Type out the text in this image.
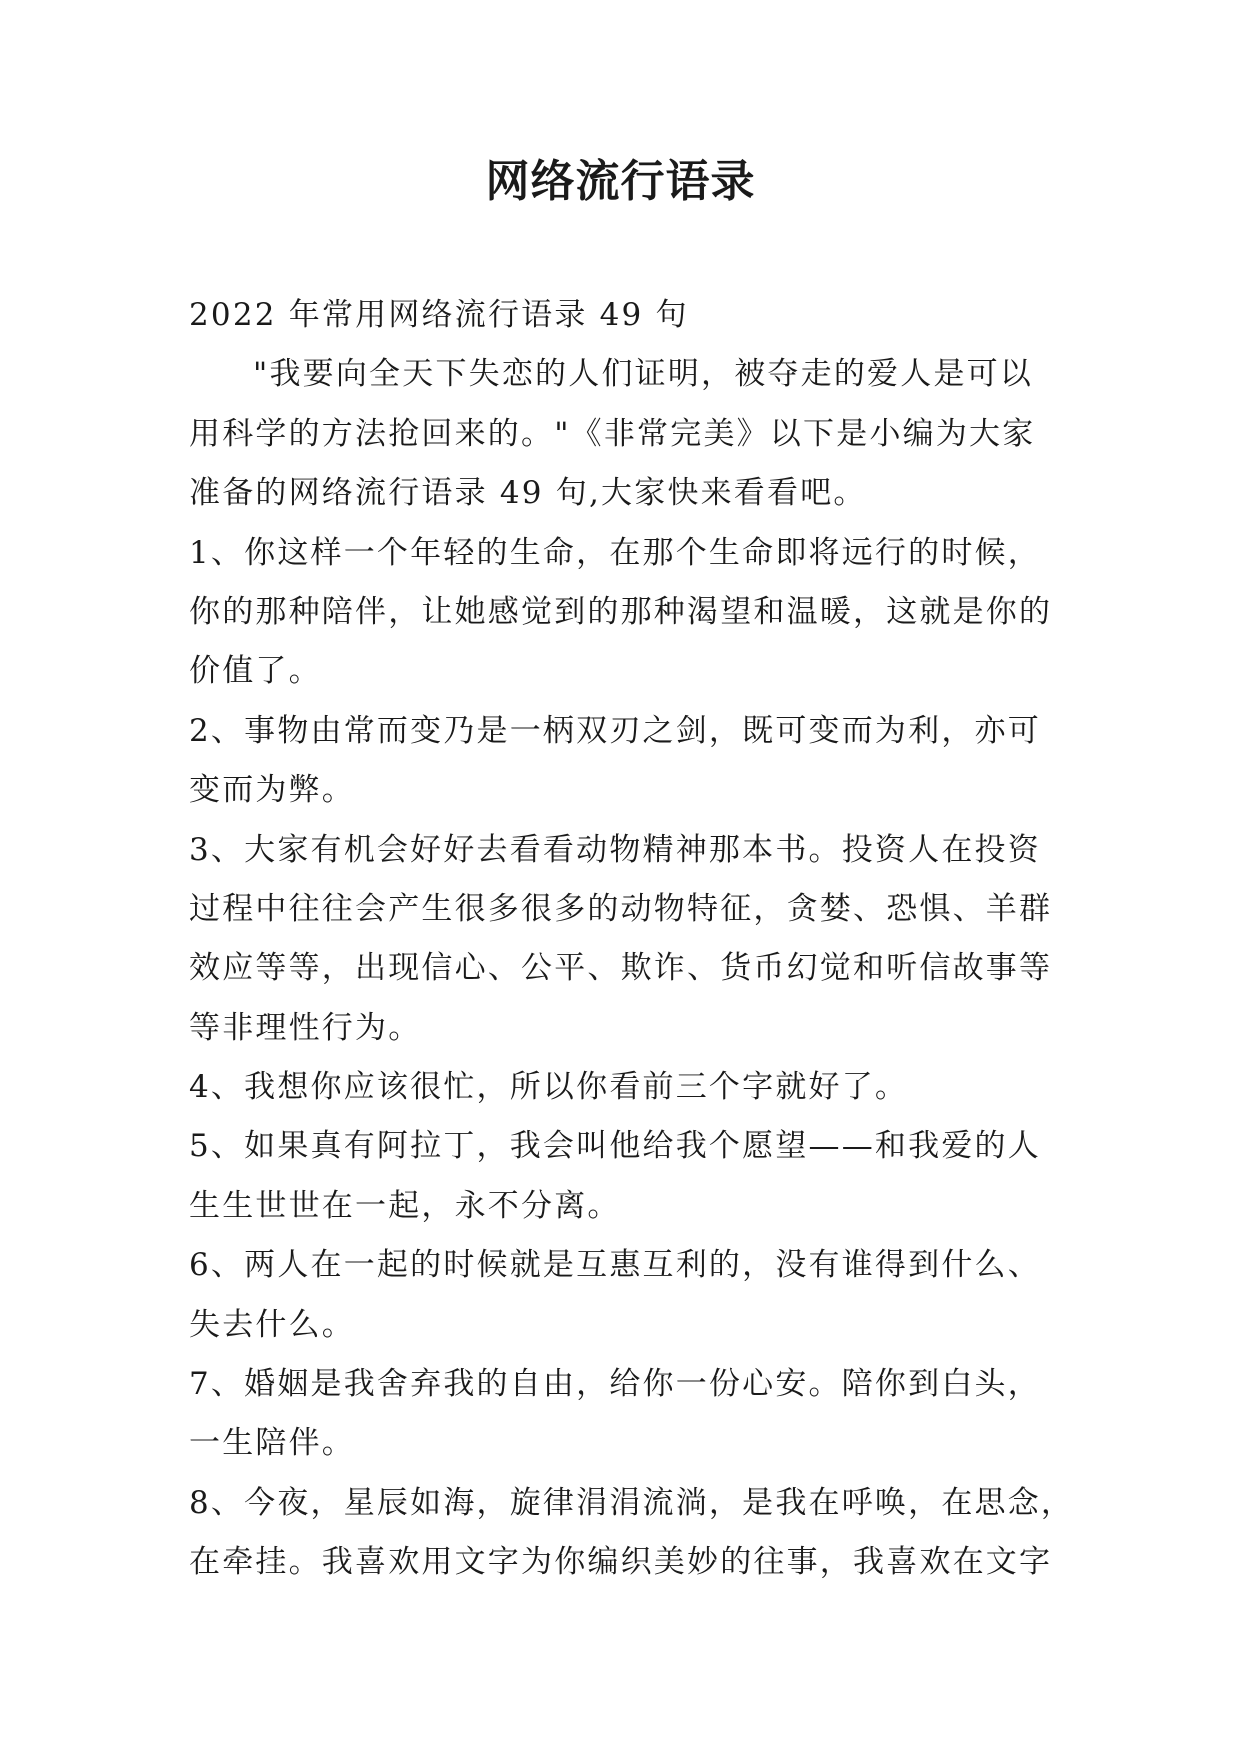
网络流行语录
2022 年常用网络流行语录 49 句
"我要向全天下失恋的人们证明，被夺走的爱人是可以
用科学的方法抢回来的。"《非常完美》以下是小编为大家
准备的网络流行语录 49 句,大家快来看看吧。
1、你这样一个年轻的生命，在那个生命即将远行的时候，
你的那种陪伴，让她感觉到的那种渴望和温暖，这就是你的
价值了。
2、事物由常而变乃是一柄双刃之剑，既可变而为利，亦可
变而为弊。
3、大家有机会好好去看看动物精神那本书。投资人在投资
过程中往往会产生很多很多的动物特征，贪婪、恐惧、羊群
效应等等，出现信心、公平、欺诈、货币幻觉和听信故事等
等非理性行为。
4、我想你应该很忙，所以你看前三个字就好了。
5、如果真有阿拉丁，我会叫他给我个愿望——和我爱的人
生生世世在一起，永不分离。
6、两人在一起的时候就是互惠互利的，没有谁得到什么、
失去什么。
7、婚姻是我舍弃我的自由，给你一份心安。陪你到白头，
一生陪伴。
8、今夜，星辰如海，旋律涓涓流淌，是我在呼唤，在思念，
在牵挂。我喜欢用文字为你编织美妙的往事，我喜欢在文字
